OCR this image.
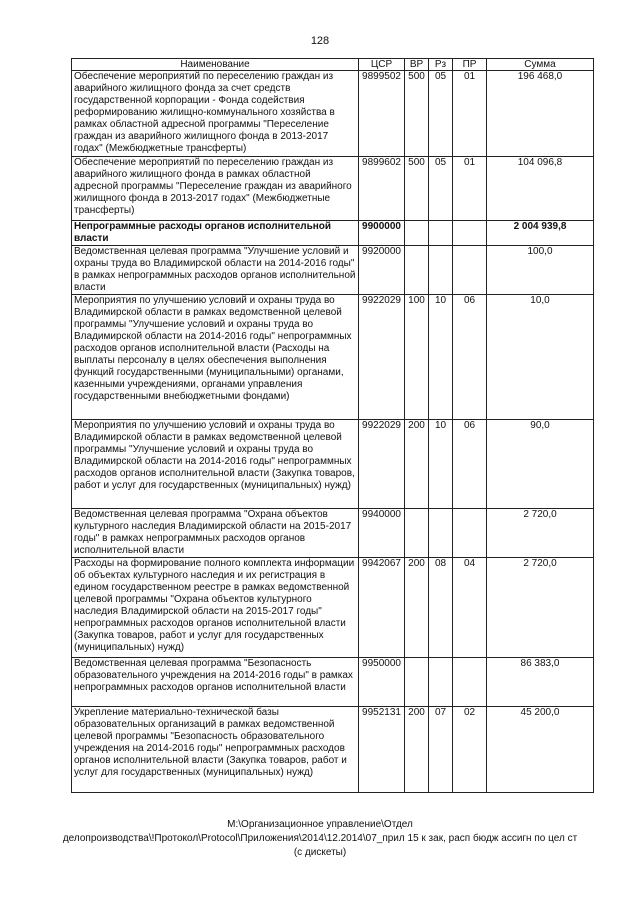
128
Наименование	ЦСР	ВР	Рз	ПР	Сумма
Обеспечение мероприятий по переселению граждан из аварийного жилищного фонда за счет средств государственной корпорации - Фонда содействия реформированию жилищно-коммунального хозяйства в рамках областной адресной программы "Переселение граждан из аварийного жилищного фонда в 2013-2017 годах" (Межбюджетные трансферты)	9899502	500	05	01	196 468,0
Обеспечение мероприятий по переселению граждан из аварийного жилищного фонда в рамках областной адресной программы "Переселение граждан из аварийного жилищного фонда в 2013-2017 годах" (Межбюджетные трансферты)	9899602	500	05	01	104 096,8
Непрограммные расходы органов исполнительной власти	9900000				2 004 939,8
Ведомственная целевая программа "Улучшение условий и охраны труда во Владимирской области на 2014-2016 годы" в рамках непрограммных расходов органов исполнительной власти	9920000				100,0
Мероприятия по улучшению условий и охраны труда во Владимирской области в рамках ведомственной целевой программы "Улучшение условий и охраны труда во Владимирской области на 2014-2016 годы" непрограммных расходов органов исполнительной власти (Расходы на выплаты персоналу в целях обеспечения выполнения функций государственными (муниципальными) органами, казенными учреждениями, органами управления государственными внебюджетными фондами)	9922029	100	10	06	10,0
Мероприятия по улучшению условий и охраны труда во Владимирской области в рамках ведомственной целевой программы "Улучшение условий и охраны труда во Владимирской области на 2014-2016 годы" непрограммных расходов органов исполнительной власти (Закупка товаров, работ и услуг для государственных (муниципальных) нужд)	9922029	200	10	06	90,0
Ведомственная целевая программа "Охрана объектов культурного наследия Владимирской области на 2015-2017 годы" в рамках непрограммных расходов органов исполнительной власти	9940000				2 720,0
Расходы на формирование полного комплекта информации об объектах культурного наследия и их регистрация в едином государственном реестре в рамках ведомственной целевой программы "Охрана объектов культурного наследия Владимирской области на 2015-2017 годы" непрограммных расходов органов исполнительной власти (Закупка товаров, работ и услуг для государственных (муниципальных) нужд)	9942067	200	08	04	2 720,0
Ведомственная целевая программа "Безопасность образовательного учреждения на 2014-2016 годы" в рамках непрограммных расходов органов исполнительной власти	9950000				86 383,0
Укрепление материально-технической базы образовательных организаций в рамках ведомственной целевой программы "Безопасность образовательного учреждения на 2014-2016 годы" непрограммных расходов органов исполнительной власти (Закупка товаров, работ и услуг для государственных (муниципальных) нужд)	9952131	200	07	02	45 200,0
М:\Организационное управление\Отдел
делопроизводства\!Протокол\Protocol\Приложения\2014\12.2014\07_прил 15 к зак, расп бюдж ассигн по цел ст
(с дискеты)
